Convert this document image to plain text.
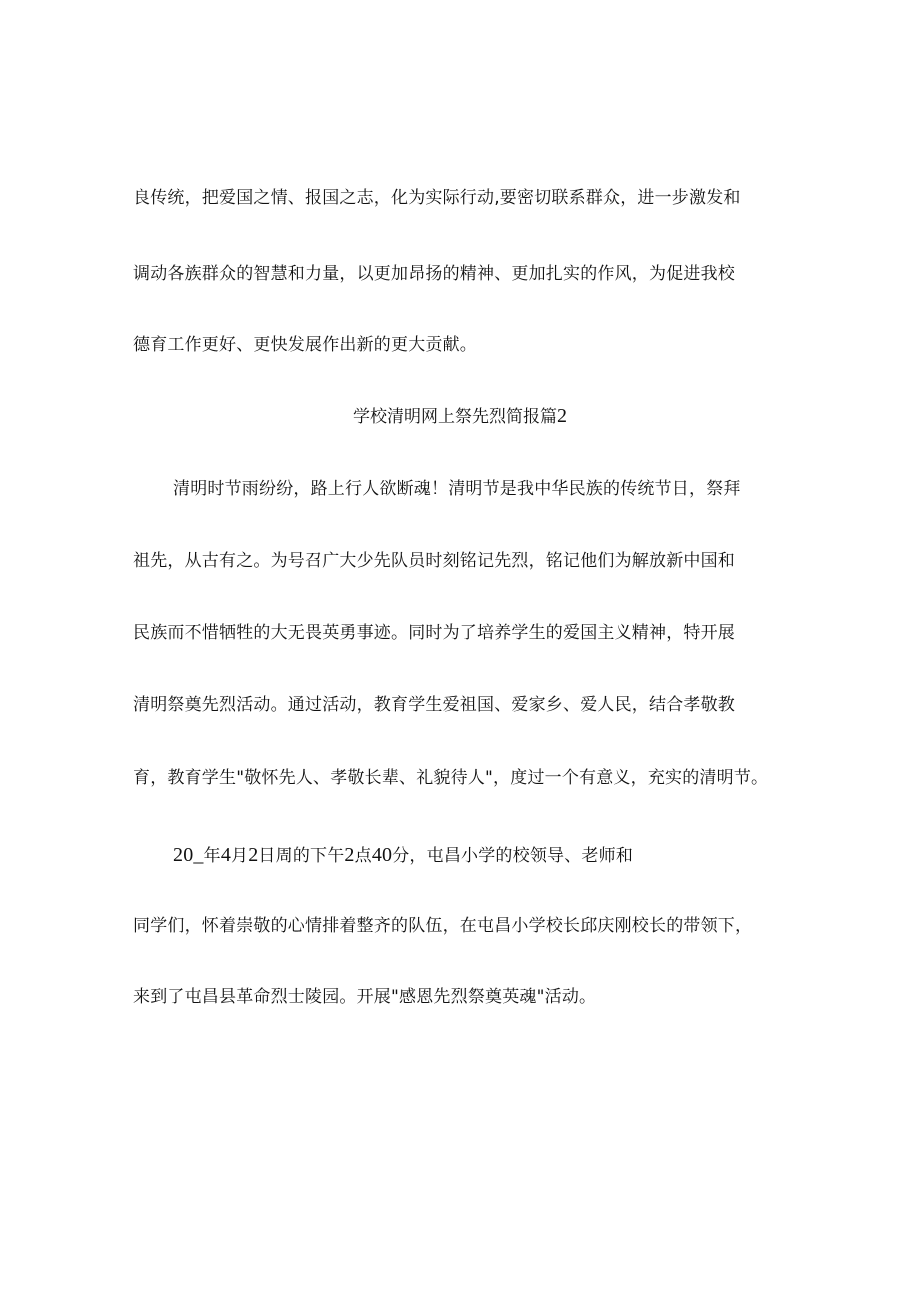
良传统，把爱国之情、报国之志，化为实际行动,要密切联系群众，进一步激发和
调动各族群众的智慧和力量，以更加昂扬的精神、更加扎实的作风，为促进我校
德育工作更好、更快发展作出新的更大贡献。
学校清明网上祭先烈简报篇2
清明时节雨纷纷，路上行人欲断魂！清明节是我中华民族的传统节日，祭拜
祖先，从古有之。为号召广大少先队员时刻铭记先烈，铭记他们为解放新中国和
民族而不惜牺牲的大无畏英勇事迹。同时为了培养学生的爱国主义精神，特开展
清明祭奠先烈活动。通过活动，教育学生爱祖国、爱家乡、爱人民，结合孝敬教
育，教育学生"敬怀先人、孝敬长辈、礼貌待人"，度过一个有意义，充实的清明节。
20_年4月2日周的下午2点40分，屯昌小学的校领导、老师和
同学们，怀着崇敬的心情排着整齐的队伍，在屯昌小学校长邱庆刚校长的带领下，
来到了屯昌县革命烈士陵园。开展"感恩先烈祭奠英魂"活动。
